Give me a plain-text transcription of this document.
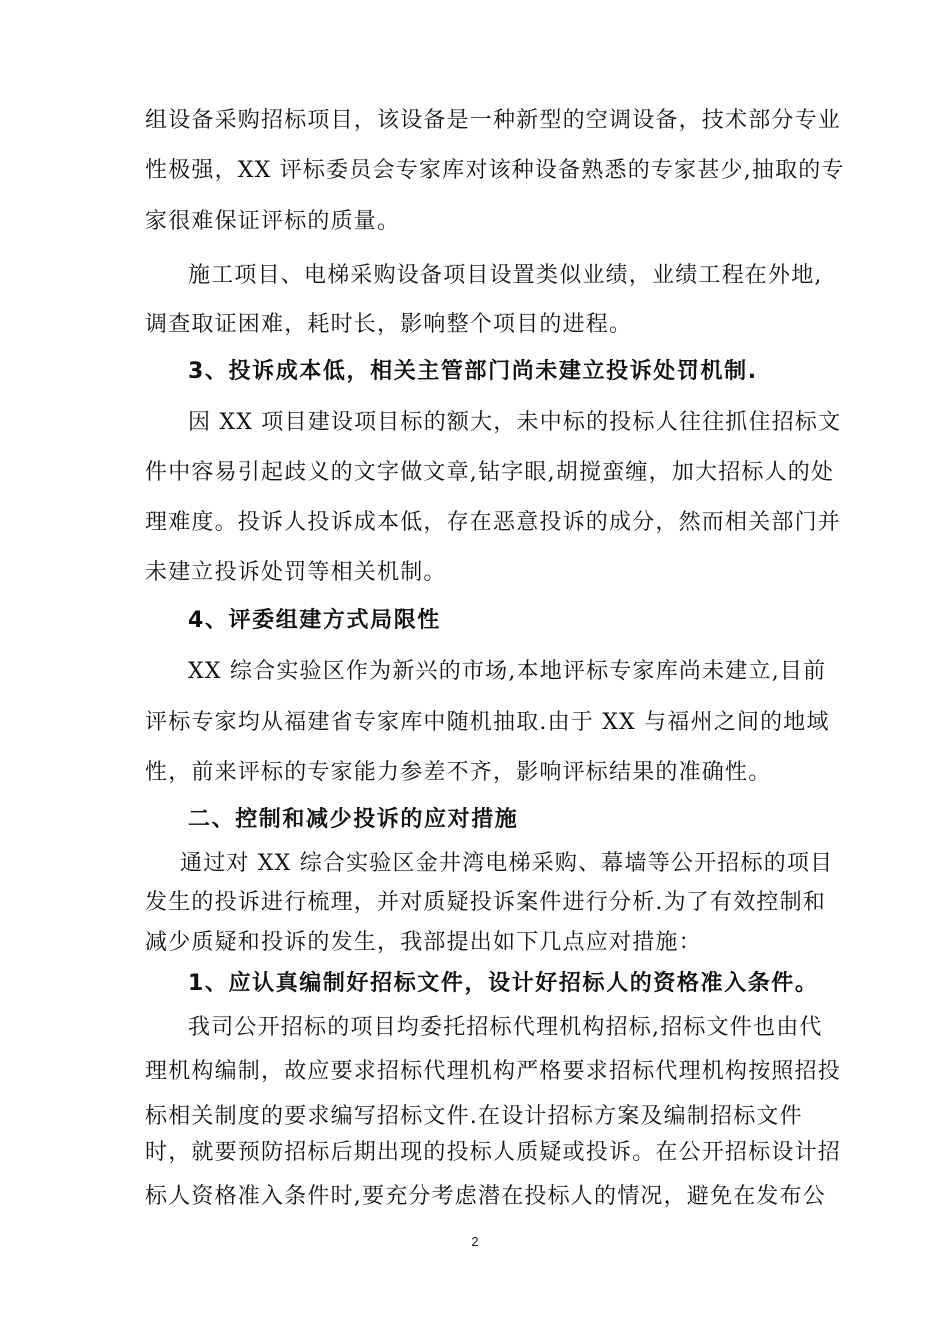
组设备采购招标项目，该设备是一种新型的空调设备，技术部分专业
性极强，XX 评标委员会专家库对该种设备熟悉的专家甚少,抽取的专
家很难保证评标的质量。
施工项目、电梯采购设备项目设置类似业绩，业绩工程在外地,
调查取证困难，耗时长，影响整个项目的进程。
3、投诉成本低，相关主管部门尚未建立投诉处罚机制.
因 XX 项目建设项目标的额大，未中标的投标人往往抓住招标文
件中容易引起歧义的文字做文章,钻字眼,胡搅蛮缠，加大招标人的处
理难度。投诉人投诉成本低，存在恶意投诉的成分，然而相关部门并
未建立投诉处罚等相关机制。
4、评委组建方式局限性
XX 综合实验区作为新兴的市场,本地评标专家库尚未建立,目前
评标专家均从福建省专家库中随机抽取.由于 XX 与福州之间的地域
性，前来评标的专家能力参差不齐，影响评标结果的准确性。
二、控制和减少投诉的应对措施
通过对 XX 综合实验区金井湾电梯采购、幕墙等公开招标的项目
发生的投诉进行梳理，并对质疑投诉案件进行分析.为了有效控制和
减少质疑和投诉的发生，我部提出如下几点应对措施：
1、应认真编制好招标文件，设计好招标人的资格准入条件。
我司公开招标的项目均委托招标代理机构招标,招标文件也由代
理机构编制，故应要求招标代理机构严格要求招标代理机构按照招投
标相关制度的要求编写招标文件.在设计招标方案及编制招标文件
时，就要预防招标后期出现的投标人质疑或投诉。在公开招标设计招
标人资格准入条件时,要充分考虑潜在投标人的情况，避免在发布公
2
